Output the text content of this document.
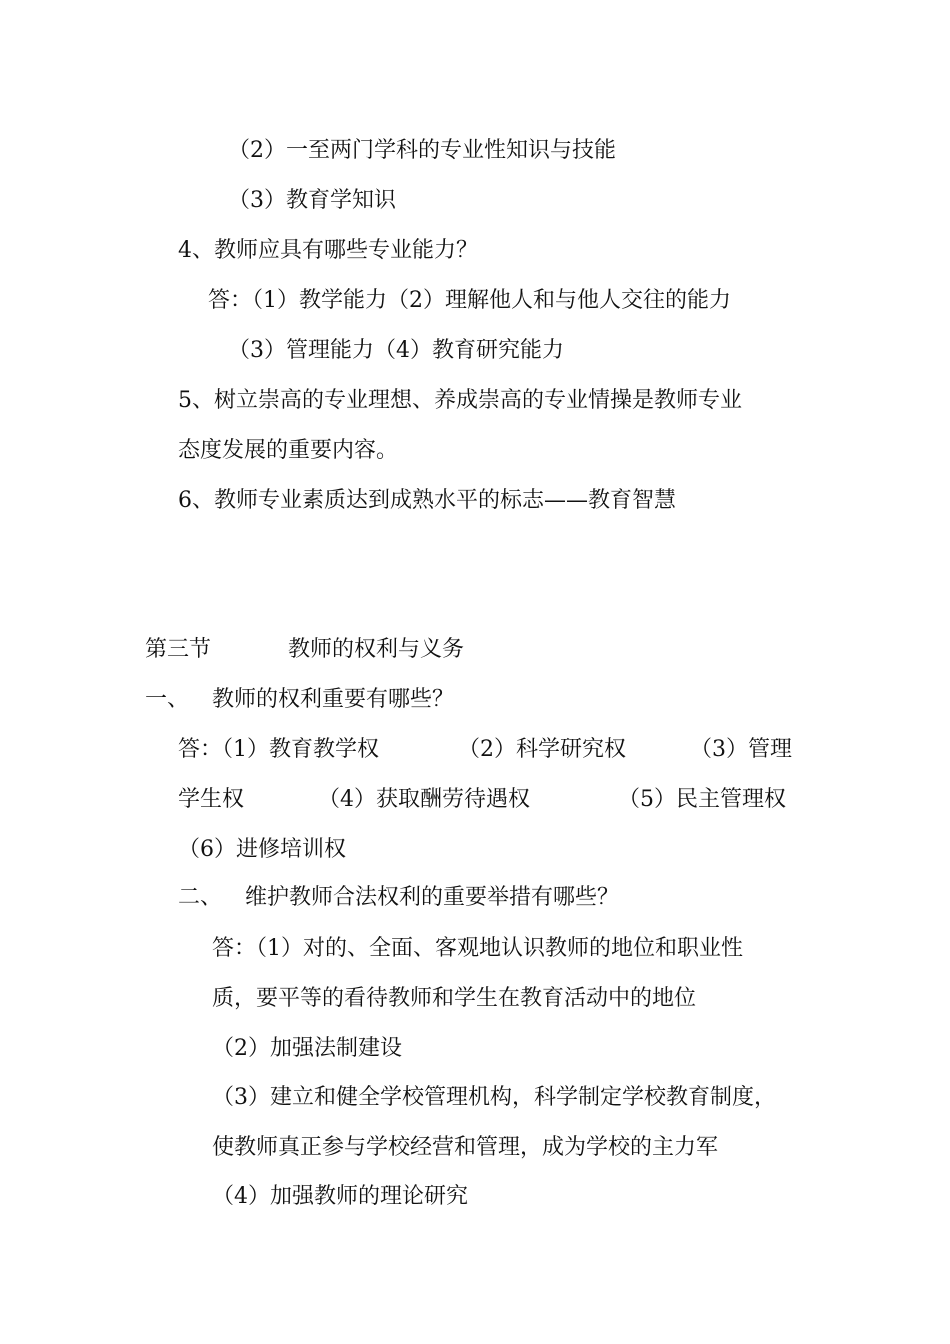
（2）一至两门学科的专业性知识与技能
（3）教育学知识
4、教师应具有哪些专业能力？
答：（1）教学能力（2）理解他人和与他人交往的能力
（3）管理能力（4）教育研究能力
5、树立崇高的专业理想、养成崇高的专业情操是教师专业
态度发展的重要内容。
6、教师专业素质达到成熟水平的标志——教育智慧
第三节	教师的权利与义务
一、 教师的权利重要有哪些？
答：（1）教育教学权	（2）科学研究权	（3）管理
学生权	（4）获取酬劳待遇权	（5）民主管理权
（6）进修培训权
二、 维护教师合法权利的重要举措有哪些？
答：（1）对的、全面、客观地认识教师的地位和职业性
质，要平等的看待教师和学生在教育活动中的地位
（2）加强法制建设
（3）建立和健全学校管理机构，科学制定学校教育制度，
使教师真正参与学校经营和管理，成为学校的主力军
（4）加强教师的理论研究
